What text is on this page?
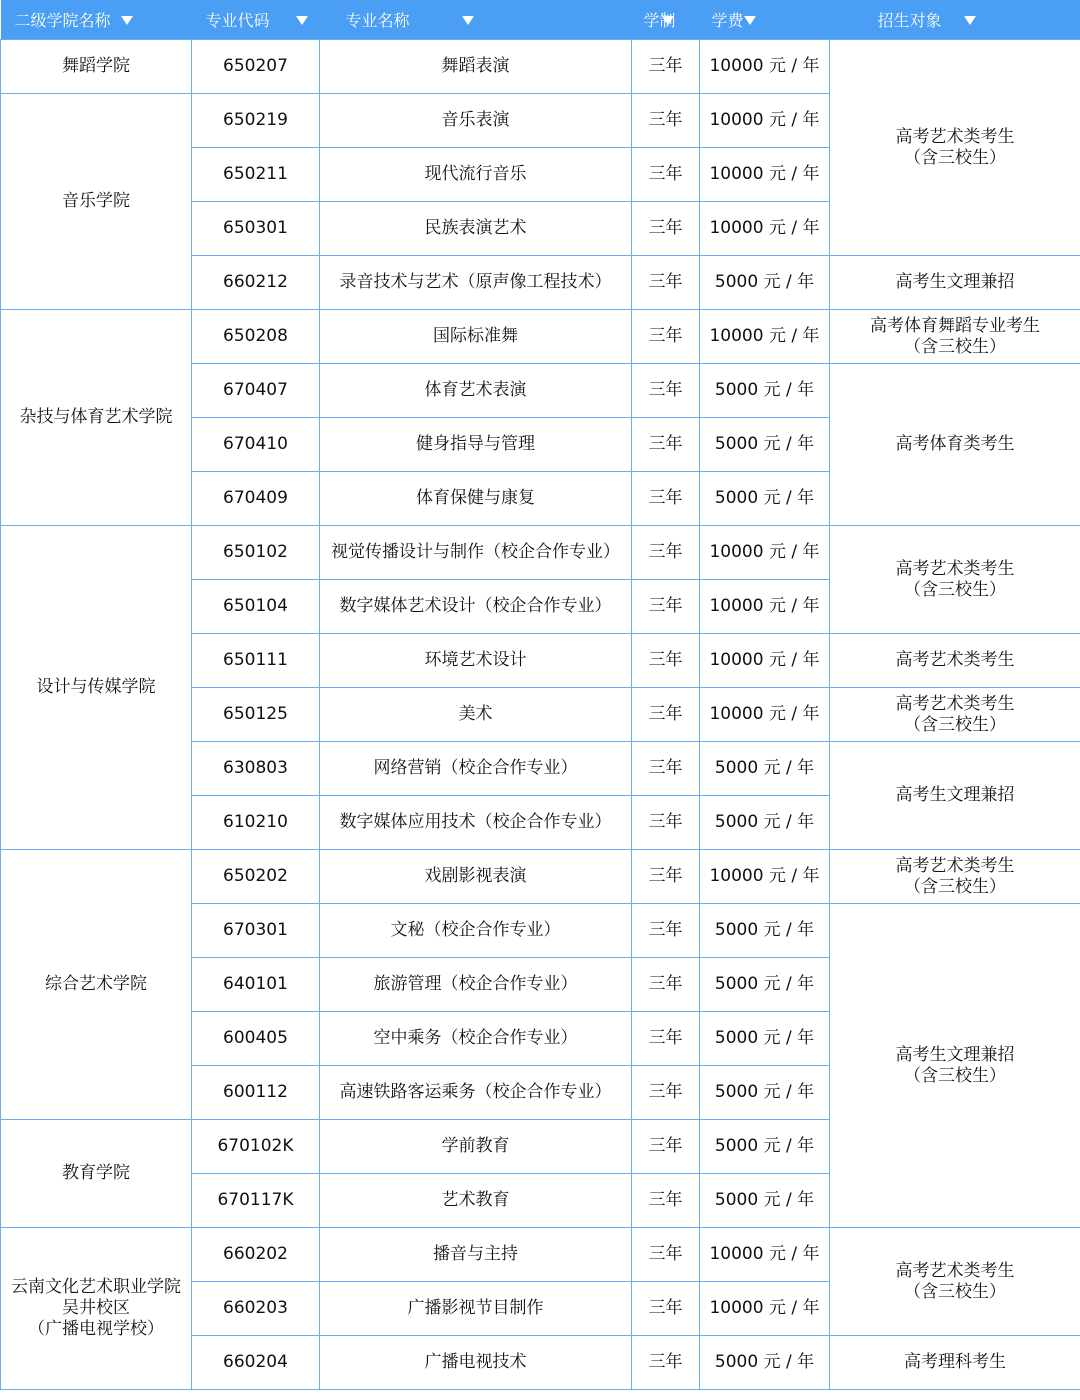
二级学院名称	专业代码	专业名称	学制	学费	招生对象
舞蹈学院	650207	舞蹈表演	三年	10000 元 / 年	高考艺术类考生
（含三校生）
音乐学院	650219	音乐表演	三年	10000 元 / 年	
	650211	现代流行音乐	三年	10000 元 / 年	
	650301	民族表演艺术	三年	10000 元 / 年	
	660212	录音技术与艺术（原声像工程技术）	三年	5000 元 / 年	高考生文理兼招
杂技与体育艺术学院	650208	国际标准舞	三年	10000 元 / 年	高考体育舞蹈专业考生
（含三校生）
	670407	体育艺术表演	三年	5000 元 / 年	高考体育类考生
	670410	健身指导与管理	三年	5000 元 / 年	
	670409	体育保健与康复	三年	5000 元 / 年	
设计与传媒学院	650102	视觉传播设计与制作（校企合作专业）	三年	10000 元 / 年	高考艺术类考生
（含三校生）
	650104	数字媒体艺术设计（校企合作专业）	三年	10000 元 / 年	
	650111	环境艺术设计	三年	10000 元 / 年	高考艺术类考生
	650125	美术	三年	10000 元 / 年	高考艺术类考生
（含三校生）
	630803	网络营销（校企合作专业）	三年	5000 元 / 年	高考生文理兼招
	610210	数字媒体应用技术（校企合作专业）	三年	5000 元 / 年	
综合艺术学院	650202	戏剧影视表演	三年	10000 元 / 年	高考艺术类考生
（含三校生）
	670301	文秘（校企合作专业）	三年	5000 元 / 年	高考生文理兼招
（含三校生）
	640101	旅游管理（校企合作专业）	三年	5000 元 / 年	
	600405	空中乘务（校企合作专业）	三年	5000 元 / 年	
	600112	高速铁路客运乘务（校企合作专业）	三年	5000 元 / 年	
教育学院	670102K	学前教育	三年	5000 元 / 年	
	670117K	艺术教育	三年	5000 元 / 年	
云南文化艺术职业学院
吴井校区
（广播电视学校）	660202	播音与主持	三年	10000 元 / 年	高考艺术类考生
（含三校生）
	660203	广播影视节目制作	三年	10000 元 / 年	
	660204	广播电视技术	三年	5000 元 / 年	高考理科考生
